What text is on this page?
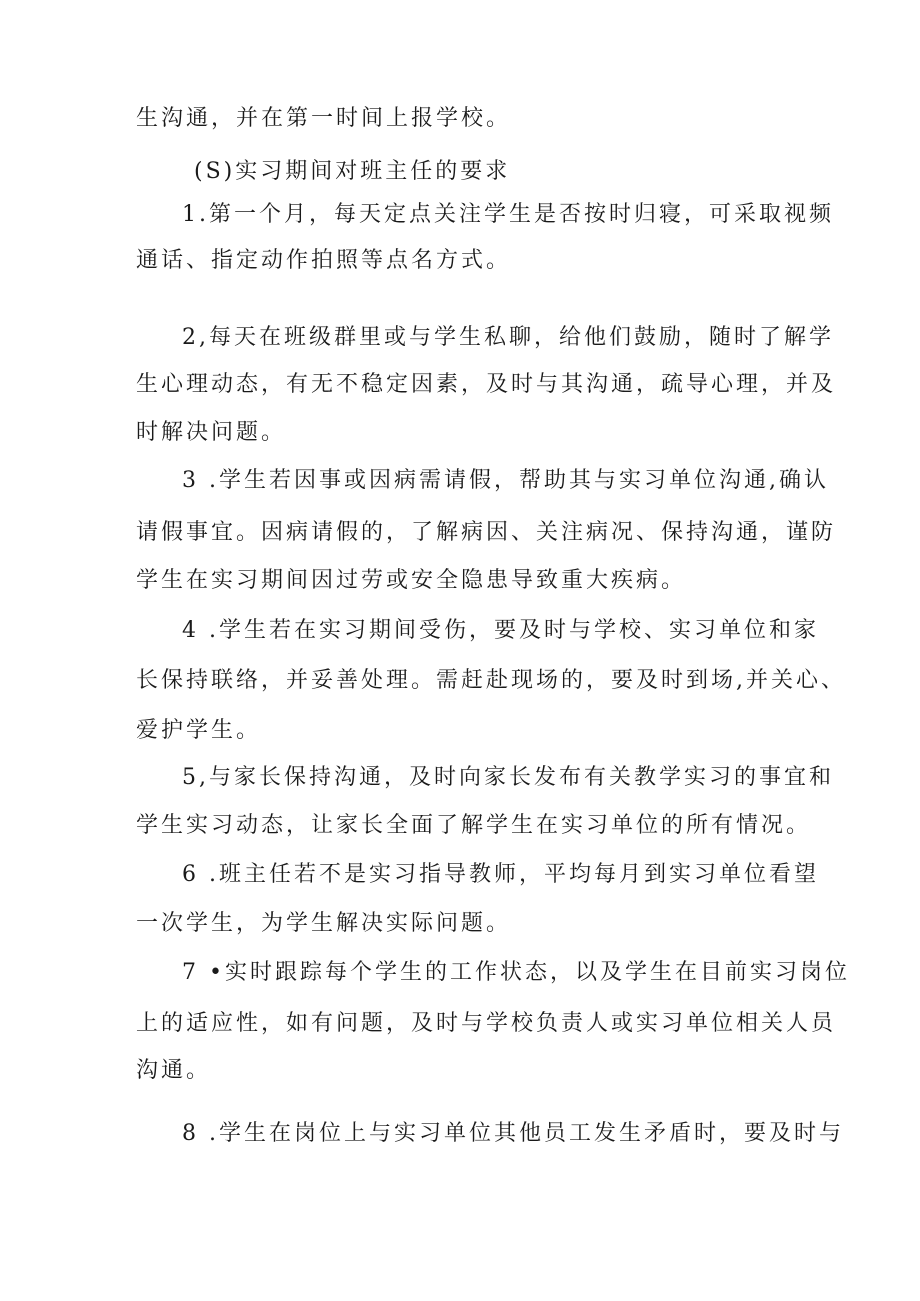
生沟通，并在第一时间上报学校。
(S)实习期间对班主任的要求
1.第一个月，每天定点关注学生是否按时归寝，可采取视频
通话、指定动作拍照等点名方式。
2,每天在班级群里或与学生私聊，给他们鼓励，随时了解学
生心理动态，有无不稳定因素，及时与其沟通，疏导心理，并及
时解决问题。
3 .学生若因事或因病需请假，帮助其与实习单位沟通,确认
请假事宜。因病请假的，了解病因、关注病况、保持沟通，谨防
学生在实习期间因过劳或安全隐患导致重大疾病。
4 .学生若在实习期间受伤，要及时与学校、实习单位和家
长保持联络，并妥善处理。需赶赴现场的，要及时到场,并关心、
爱护学生。
5,与家长保持沟通，及时向家长发布有关教学实习的事宜和
学生实习动态，让家长全面了解学生在实习单位的所有情况。
6 .班主任若不是实习指导教师，平均每月到实习单位看望
一次学生，为学生解决实际问题。
7 •实时跟踪每个学生的工作状态，以及学生在目前实习岗位
上的适应性，如有问题，及时与学校负责人或实习单位相关人员
沟通。
8 .学生在岗位上与实习单位其他员工发生矛盾时，要及时与
